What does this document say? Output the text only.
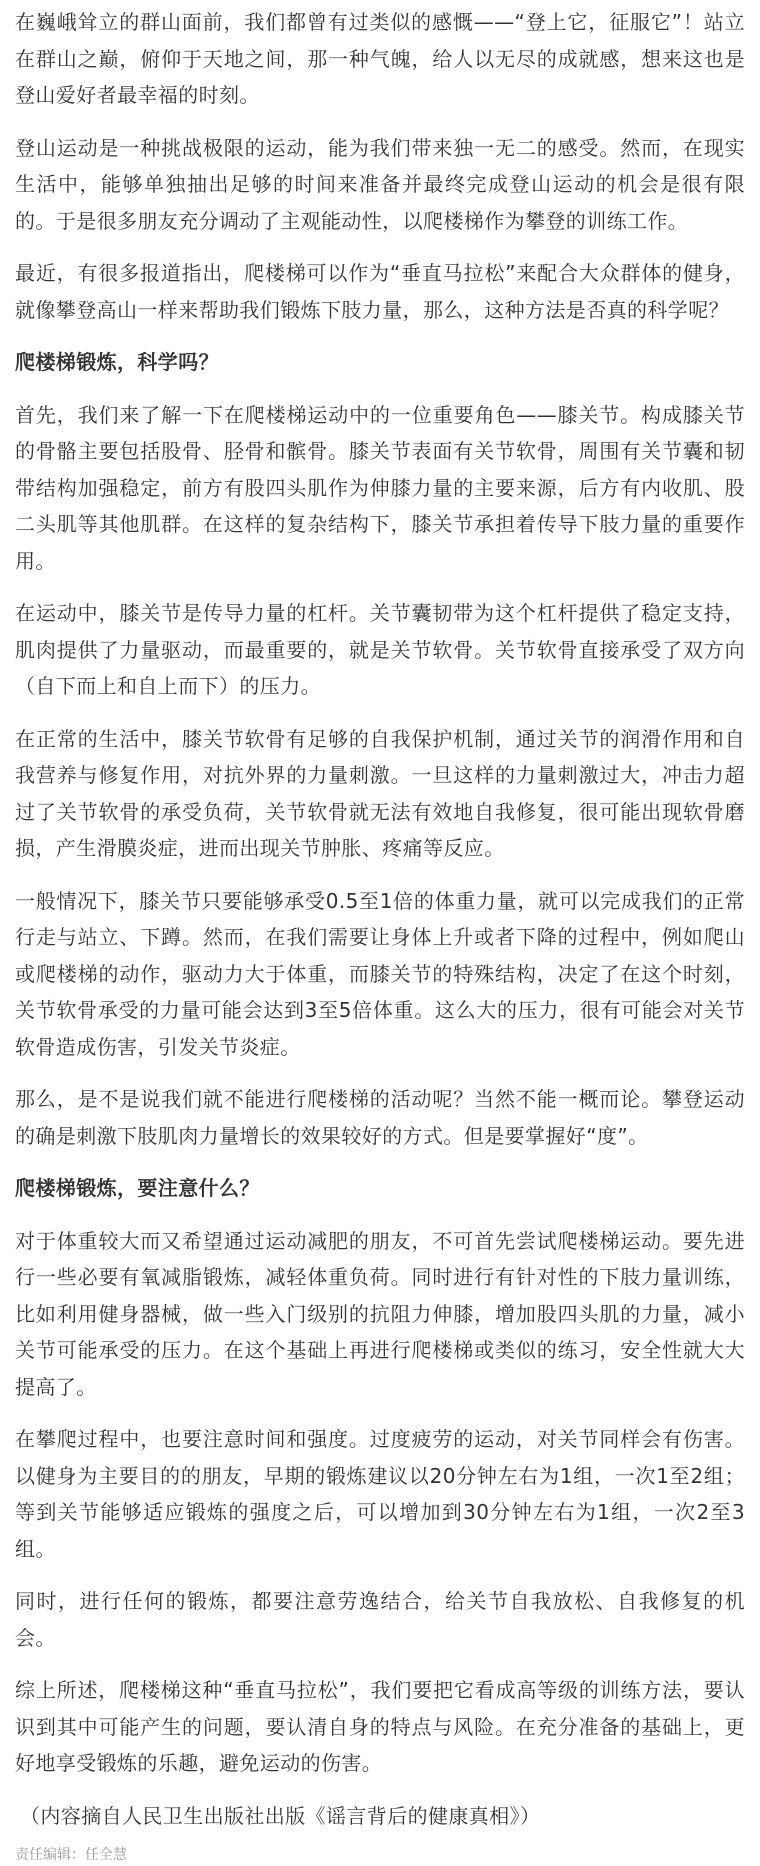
在巍峨耸立的群山面前，我们都曾有过类似的感慨——“登上它，征服它”！站立在群山之巅，俯仰于天地之间，那一种气魄，给人以无尽的成就感，想来这也是登山爱好者最幸福的时刻。

登山运动是一种挑战极限的运动，能为我们带来独一无二的感受。然而，在现实生活中，能够单独抽出足够的时间来准备并最终完成登山运动的机会是很有限的。于是很多朋友充分调动了主观能动性，以爬楼梯作为攀登的训练工作。

最近，有很多报道指出，爬楼梯可以作为“垂直马拉松”来配合大众群体的健身，就像攀登高山一样来帮助我们锻炼下肢力量，那么，这种方法是否真的科学呢？

爬楼梯锻炼，科学吗？

首先，我们来了解一下在爬楼梯运动中的一位重要角色——膝关节。构成膝关节的骨骼主要包括股骨、胫骨和髌骨。膝关节表面有关节软骨，周围有关节囊和韧带结构加强稳定，前方有股四头肌作为伸膝力量的主要来源，后方有内收肌、股二头肌等其他肌群。在这样的复杂结构下，膝关节承担着传导下肢力量的重要作用。

在运动中，膝关节是传导力量的杠杆。关节囊韧带为这个杠杆提供了稳定支持，肌肉提供了力量驱动，而最重要的，就是关节软骨。关节软骨直接承受了双方向（自下而上和自上而下）的压力。

在正常的生活中，膝关节软骨有足够的自我保护机制，通过关节的润滑作用和自我营养与修复作用，对抗外界的力量刺激。一旦这样的力量刺激过大，冲击力超过了关节软骨的承受负荷，关节软骨就无法有效地自我修复，很可能出现软骨磨损，产生滑膜炎症，进而出现关节肿胀、疼痛等反应。

一般情况下，膝关节只要能够承受0.5至1倍的体重力量，就可以完成我们的正常行走与站立、下蹲。然而，在我们需要让身体上升或者下降的过程中，例如爬山或爬楼梯的动作，驱动力大于体重，而膝关节的特殊结构，决定了在这个时刻，关节软骨承受的力量可能会达到3至5倍体重。这么大的压力，很有可能会对关节软骨造成伤害，引发关节炎症。

那么，是不是说我们就不能进行爬楼梯的活动呢？当然不能一概而论。攀登运动的确是刺激下肢肌肉力量增长的效果较好的方式。但是要掌握好“度”。

爬楼梯锻炼，要注意什么？

对于体重较大而又希望通过运动减肥的朋友，不可首先尝试爬楼梯运动。要先进行一些必要有氧减脂锻炼，减轻体重负荷。同时进行有针对性的下肢力量训练，比如利用健身器械，做一些入门级别的抗阻力伸膝，增加股四头肌的力量，减小关节可能承受的压力。在这个基础上再进行爬楼梯或类似的练习，安全性就大大提高了。

在攀爬过程中，也要注意时间和强度。过度疲劳的运动，对关节同样会有伤害。以健身为主要目的的朋友，早期的锻炼建议以20分钟左右为1组，一次1至2组；等到关节能够适应锻炼的强度之后，可以增加到30分钟左右为1组，一次2至3组。

同时，进行任何的锻炼，都要注意劳逸结合，给关节自我放松、自我修复的机会。

综上所述，爬楼梯这种“垂直马拉松”，我们要把它看成高等级的训练方法，要认识到其中可能产生的问题，要认清自身的特点与风险。在充分准备的基础上，更好地享受锻炼的乐趣，避免运动的伤害。

（内容摘自人民卫生出版社出版《谣言背后的健康真相》）

责任编辑：任全慧
